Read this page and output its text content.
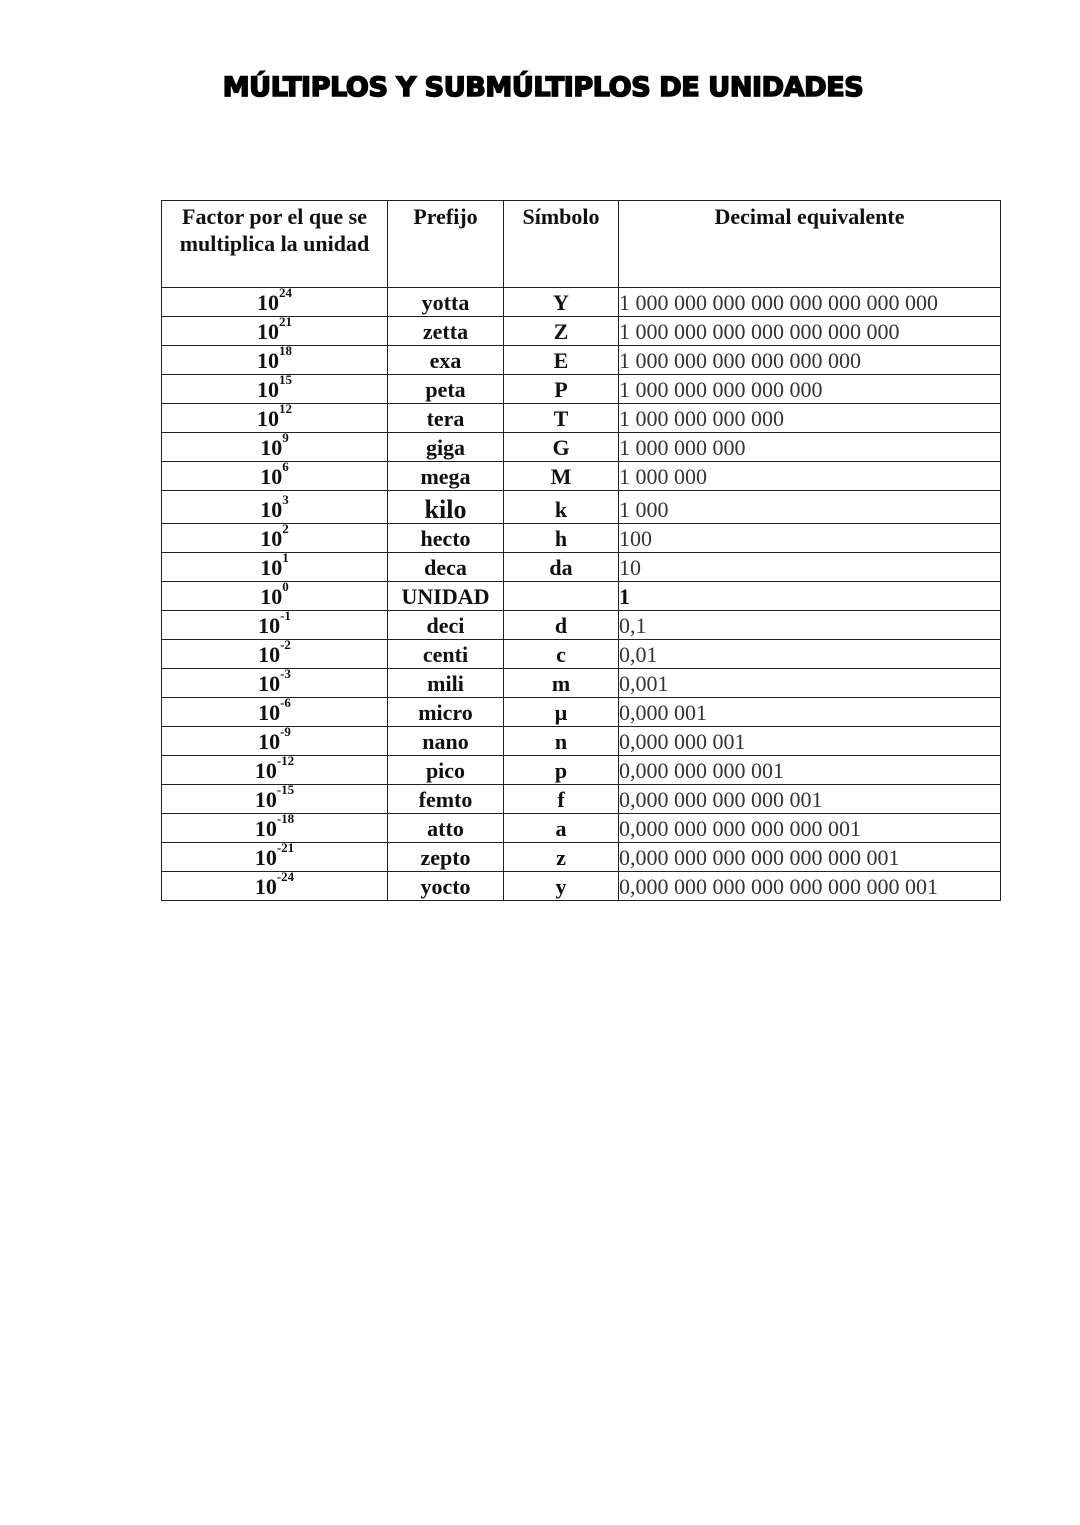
MÚLTIPLOS Y SUBMÚLTIPLOS DE UNIDADES
Factor por el que se multiplica la unidad	Prefijo	Símbolo	Decimal equivalente
$10^{24}$	yotta	Y	1 000 000 000 000 000 000 000 000
$10^{21}$	zetta	Z	1 000 000 000 000 000 000 000
$10^{18}$	exa	E	1 000 000 000 000 000 000
$10^{15}$	peta	P	1 000 000 000 000 000
$10^{12}$	tera	T	1 000 000 000 000
$10^9$	giga	G	1 000 000 000
$10^6$	mega	M	1 000 000
$10^3$	kilo	k	1 000
$10^2$	hecto	h	100
$10^1$	deca	da	10
$10^0$	UNIDAD		1
$10^{-1}$	deci	d	0,1
$10^{-2}$	centi	c	0,01
$10^{-3}$	mili	m	0,001
$10^{-6}$	micro	µ	0,000 001
$10^{-9}$	nano	n	0,000 000 001
$10^{-12}$	pico	p	0,000 000 000 001
$10^{-15}$	femto	f	0,000 000 000 000 001
$10^{-18}$	atto	a	0,000 000 000 000 000 001
$10^{-21}$	zepto	z	0,000 000 000 000 000 000 001
$10^{-24}$	yocto	y	0,000 000 000 000 000 000 000 001
